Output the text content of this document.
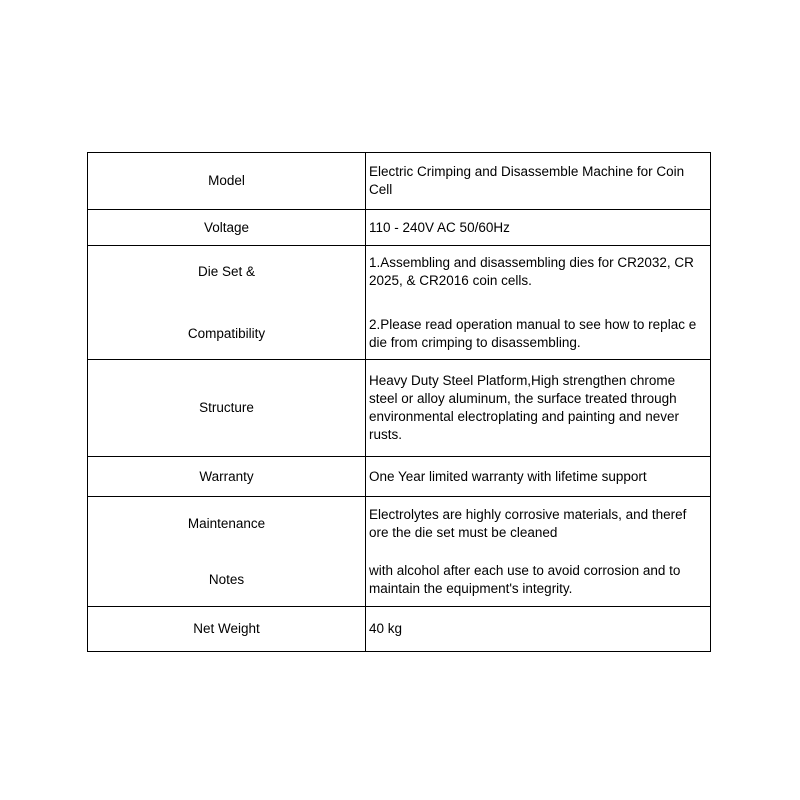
Model	Electric Crimping and Disassemble Machine for Coin Cell
Voltage	110 - 240V AC 50/60Hz

Die Set &
Compatibility	1.Assembling and disassembling dies for CR2032, CR 2025, & CR2016 coin cells.
2.Please read operation manual to see how to replac e die from crimping to disassembling.

Structure	Heavy Duty Steel Platform,High strengthen chrome steel or alloy aluminum, the surface treated through environmental electroplating and painting and never rusts.
Warranty	One Year limited warranty with lifetime support

Maintenance
Notes	Electrolytes are highly corrosive materials, and theref ore the die set must be cleaned
with alcohol after each use to avoid corrosion and to maintain the equipment's integrity.

Net Weight	40 kg
